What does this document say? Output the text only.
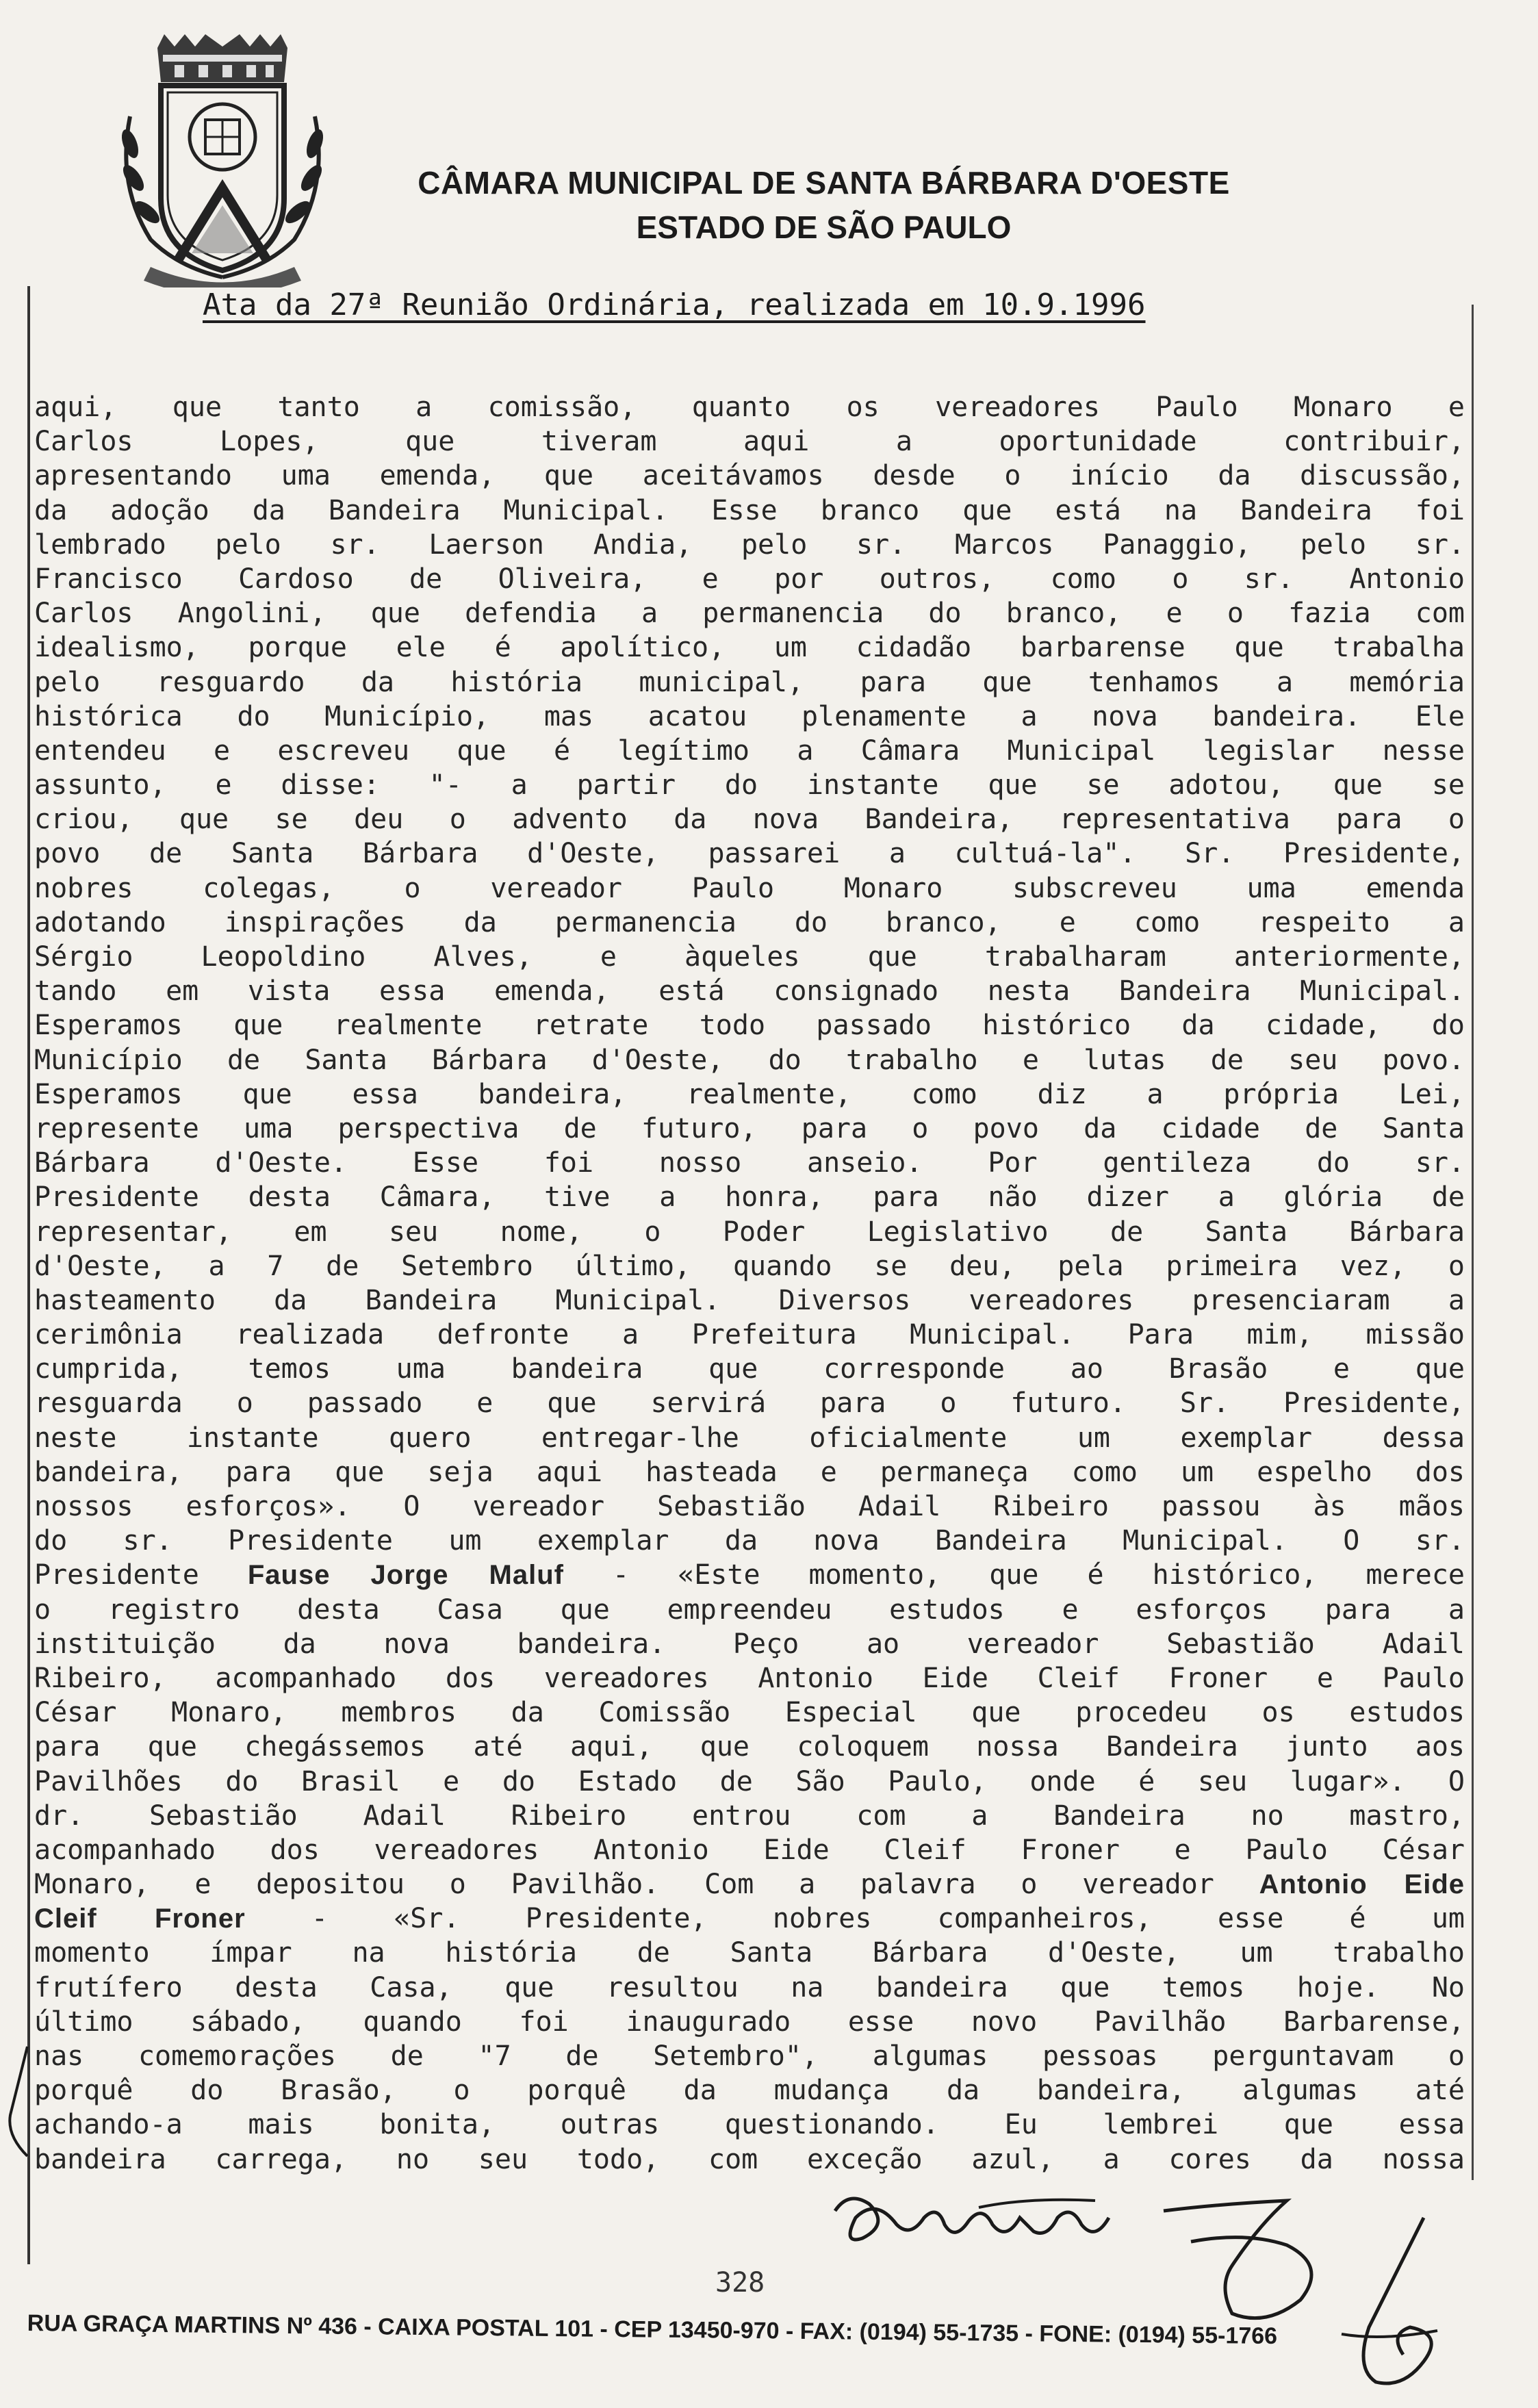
CÂMARA MUNICIPAL DE SANTA BÁRBARA D'OESTE
ESTADO DE SÃO PAULO
Ata da 27ª Reunião Ordinária, realizada em 10.9.1996
aqui, que tanto a comissão, quanto os vereadores Paulo Monaro e
Carlos Lopes, que tiveram aqui a oportunidade contribuir,
apresentando uma emenda, que aceitávamos desde o início da discussão,
da adoção da Bandeira Municipal. Esse branco que está na Bandeira foi
lembrado pelo sr. Laerson Andia, pelo sr. Marcos Panaggio, pelo sr.
Francisco Cardoso de Oliveira, e por outros, como o sr. Antonio
Carlos Angolini, que defendia a permanencia do branco, e o fazia com
idealismo, porque ele é apolítico, um cidadão barbarense que trabalha
pelo resguardo da história municipal, para que tenhamos a memória
histórica do Município, mas acatou plenamente a nova bandeira. Ele
entendeu e escreveu que é legítimo a Câmara Municipal legislar nesse
assunto, e disse: "- a partir do instante que se adotou, que se
criou, que se deu o advento da nova Bandeira, representativa para o
povo de Santa Bárbara d'Oeste, passarei a cultuá-la". Sr. Presidente,
nobres colegas, o vereador Paulo Monaro subscreveu uma emenda
adotando inspirações da permanencia do branco, e como respeito a
Sérgio Leopoldino Alves, e àqueles que trabalharam anteriormente,
tando em vista essa emenda, está consignado nesta Bandeira Municipal.
Esperamos que realmente retrate todo passado histórico da cidade, do
Município de Santa Bárbara d'Oeste, do trabalho e lutas de seu povo.
Esperamos que essa bandeira, realmente, como diz a própria Lei,
represente uma perspectiva de futuro, para o povo da cidade de Santa
Bárbara d'Oeste. Esse foi nosso anseio. Por gentileza do sr.
Presidente desta Câmara, tive a honra, para não dizer a glória de
representar, em seu nome, o Poder Legislativo de Santa Bárbara
d'Oeste, a 7 de Setembro último, quando se deu, pela primeira vez, o
hasteamento da Bandeira Municipal. Diversos vereadores presenciaram a
cerimônia realizada defronte a Prefeitura Municipal. Para mim, missão
cumprida, temos uma bandeira que corresponde ao Brasão e que
resguarda o passado e que servirá para o futuro. Sr. Presidente,
neste instante quero entregar-lhe oficialmente um exemplar dessa
bandeira, para que seja aqui hasteada e permaneça como um espelho dos
nossos esforços». O vereador Sebastião Adail Ribeiro passou às mãos
do sr. Presidente um exemplar da nova Bandeira Municipal. O sr.
Presidente Fause Jorge Maluf - «Este momento, que é histórico, merece
o registro desta Casa que empreendeu estudos e esforços para a
instituição da nova bandeira. Peço ao vereador Sebastião Adail
Ribeiro, acompanhado dos vereadores Antonio Eide Cleif Froner e Paulo
César Monaro, membros da Comissão Especial que procedeu os estudos
para que chegássemos até aqui, que coloquem nossa Bandeira junto aos
Pavilhões do Brasil e do Estado de São Paulo, onde é seu lugar». O
dr. Sebastião Adail Ribeiro entrou com a Bandeira no mastro,
acompanhado dos vereadores Antonio Eide Cleif Froner e Paulo César
Monaro, e depositou o Pavilhão. Com a palavra o vereador Antonio Eide
Cleif Froner - «Sr. Presidente, nobres companheiros, esse é um
momento ímpar na história de Santa Bárbara d'Oeste, um trabalho
frutífero desta Casa, que resultou na bandeira que temos hoje. No
último sábado, quando foi inaugurado esse novo Pavilhão Barbarense,
nas comemorações de "7 de Setembro", algumas pessoas perguntavam o
porquê do Brasão, o porquê da mudança da bandeira, algumas até
achando-a mais bonita, outras questionando. Eu lembrei que essa
bandeira carrega, no seu todo, com exceção azul, a cores da nossa
328
RUA GRAÇA MARTINS Nº 436 - CAIXA POSTAL 101 - CEP 13450-970 - FAX: (0194) 55-1735 - FONE: (0194) 55-1766
